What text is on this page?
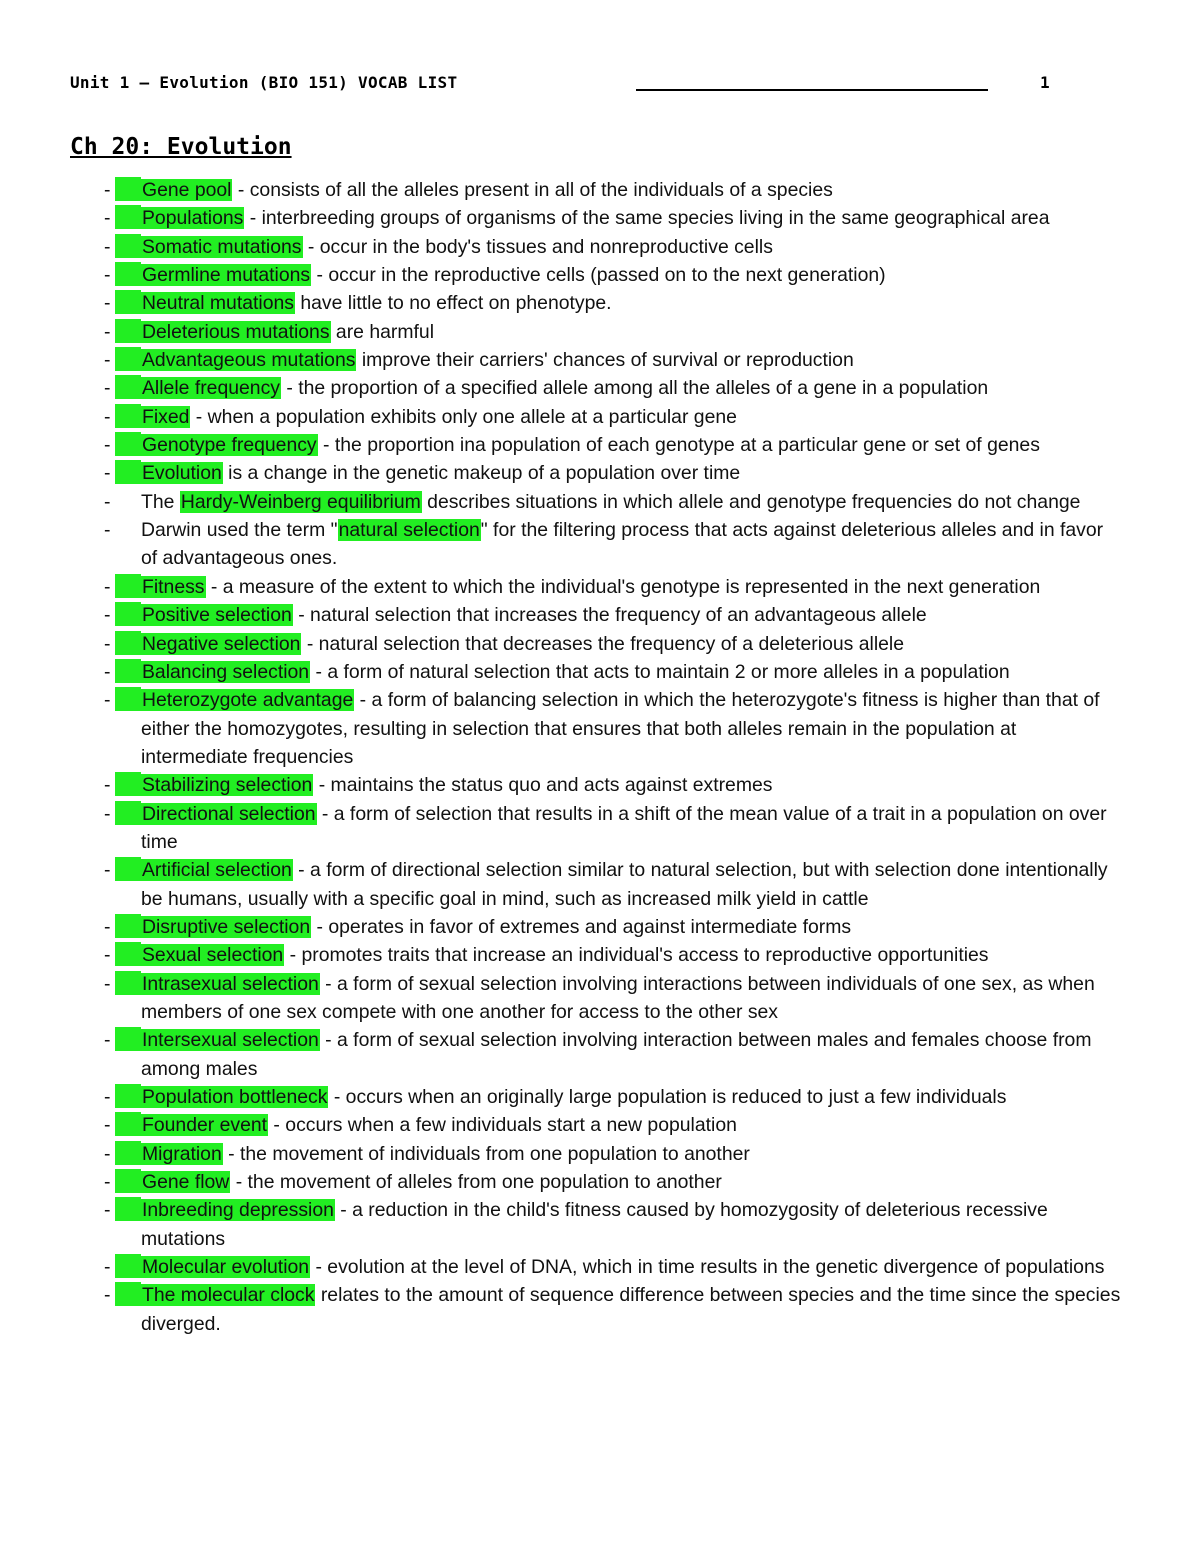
Unit 1 — Evolution (BIO 151) VOCAB LIST	1
Ch 20: Evolution
- Gene pool - consists of all the alleles present in all of the individuals of a species
- Populations - interbreeding groups of organisms of the same species living in the same geographical area
- Somatic mutations - occur in the body's tissues and nonreproductive cells
- Germline mutations - occur in the reproductive cells (passed on to the next generation)
- Neutral mutations have little to no effect on phenotype.
- Deleterious mutations are harmful
- Advantageous mutations improve their carriers' chances of survival or reproduction
- Allele frequency - the proportion of a specified allele among all the alleles of a gene in a population
- Fixed - when a population exhibits only one allele at a particular gene
- Genotype frequency - the proportion ina population of each genotype at a particular gene or set of genes
- Evolution is a change in the genetic makeup of a population over time
- The Hardy-Weinberg equilibrium describes situations in which allele and genotype frequencies do not change
- Darwin used the term "natural selection" for the filtering process that acts against deleterious alleles and in favor of advantageous ones.
- Fitness - a measure of the extent to which the individual's genotype is represented in the next generation
- Positive selection - natural selection that increases the frequency of an advantageous allele
- Negative selection - natural selection that decreases the frequency of a deleterious allele
- Balancing selection - a form of natural selection that acts to maintain 2 or more alleles in a population
- Heterozygote advantage - a form of balancing selection in which the heterozygote's fitness is higher than that of either the homozygotes, resulting in selection that ensures that both alleles remain in the population at intermediate frequencies
- Stabilizing selection - maintains the status quo and acts against extremes
- Directional selection - a form of selection that results in a shift of the mean value of a trait in a population on over time
- Artificial selection - a form of directional selection similar to natural selection, but with selection done intentionally be humans, usually with a specific goal in mind, such as increased milk yield in cattle
- Disruptive selection - operates in favor of extremes and against intermediate forms
- Sexual selection - promotes traits that increase an individual's access to reproductive opportunities
- Intrasexual selection - a form of sexual selection involving interactions between individuals of one sex, as when members of one sex compete with one another for access to the other sex
- Intersexual selection - a form of sexual selection involving interaction between males and females choose from among males
- Population bottleneck - occurs when an originally large population is reduced to just a few individuals
- Founder event - occurs when a few individuals start a new population
- Migration - the movement of individuals from one population to another
- Gene flow - the movement of alleles from one population to another
- Inbreeding depression - a reduction in the child's fitness caused by homozygosity of deleterious recessive mutations
- Molecular evolution - evolution at the level of DNA, which in time results in the genetic divergence of populations
- The molecular clock relates to the amount of sequence difference between species and the time since the species diverged.
